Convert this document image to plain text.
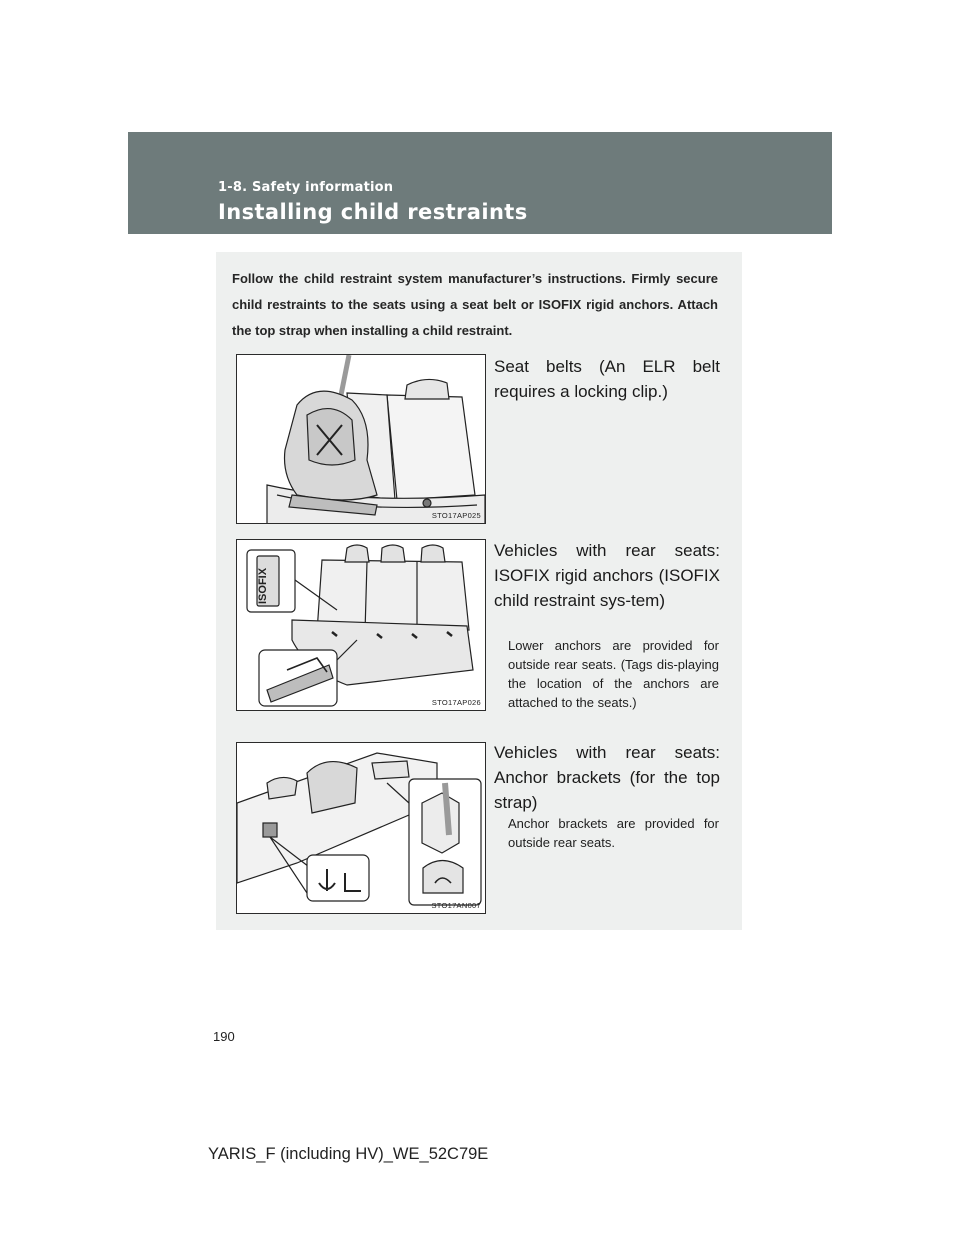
1-8. Safety information
Installing child restraints

Follow the child restraint system manufacturer’s instructions. Firmly secure child restraints to the seats using a seat belt or ISOFIX rigid anchors. Attach the top strap when installing a child restraint.

STO17AP025

Seat belts (An ELR belt requires a locking clip.)

ISOFIX
STO17AP026

Vehicles with rear seats: ISOFIX rigid anchors (ISOFIX child restraint sys-tem)

Lower anchors are provided for outside rear seats. (Tags dis-playing the location of the anchors are attached to the seats.)

STO17AN007

Vehicles with rear seats: Anchor brackets (for the top strap)

Anchor brackets are provided for outside rear seats.

190
YARIS_F (including HV)_WE_52C79E
